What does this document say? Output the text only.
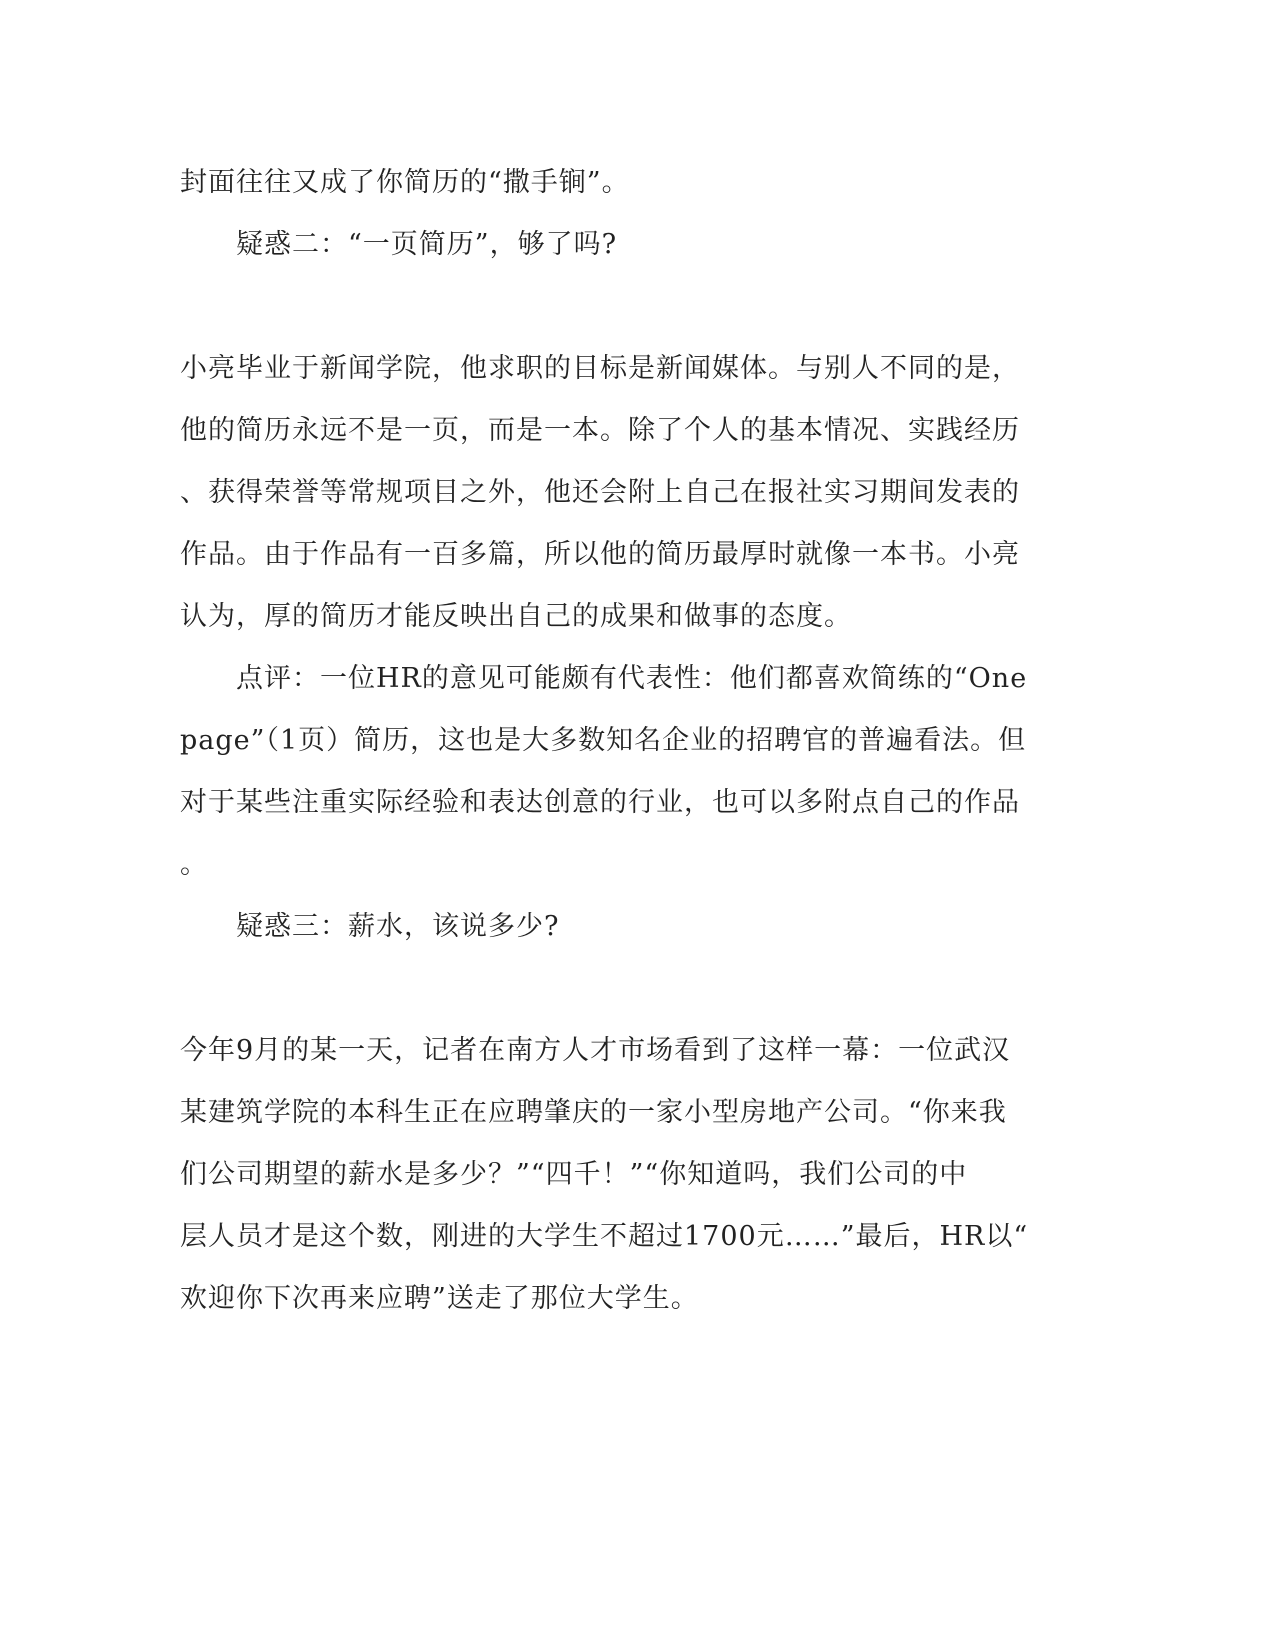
封面往往又成了你简历的“撒手锏”。
疑惑二：“一页简历”，够了吗?
小亮毕业于新闻学院，他求职的目标是新闻媒体。与别人不同的是，
他的简历永远不是一页，而是一本。除了个人的基本情况、实践经历
、获得荣誉等常规项目之外，他还会附上自己在报社实习期间发表的
作品。由于作品有一百多篇，所以他的简历最厚时就像一本书。小亮
认为，厚的简历才能反映出自己的成果和做事的态度。
点评：一位HR的意见可能颇有代表性：他们都喜欢简练的“One
page”（1页）简历，这也是大多数知名企业的招聘官的普遍看法。但
对于某些注重实际经验和表达创意的行业，也可以多附点自己的作品
。
疑惑三：薪水，该说多少?
今年9月的某一天，记者在南方人才市场看到了这样一幕：一位武汉
某建筑学院的本科生正在应聘肇庆的一家小型房地产公司。“你来我
们公司期望的薪水是多少？”“四千！”“你知道吗，我们公司的中
层人员才是这个数，刚进的大学生不超过1700元……”最后，HR以“
欢迎你下次再来应聘”送走了那位大学生。
